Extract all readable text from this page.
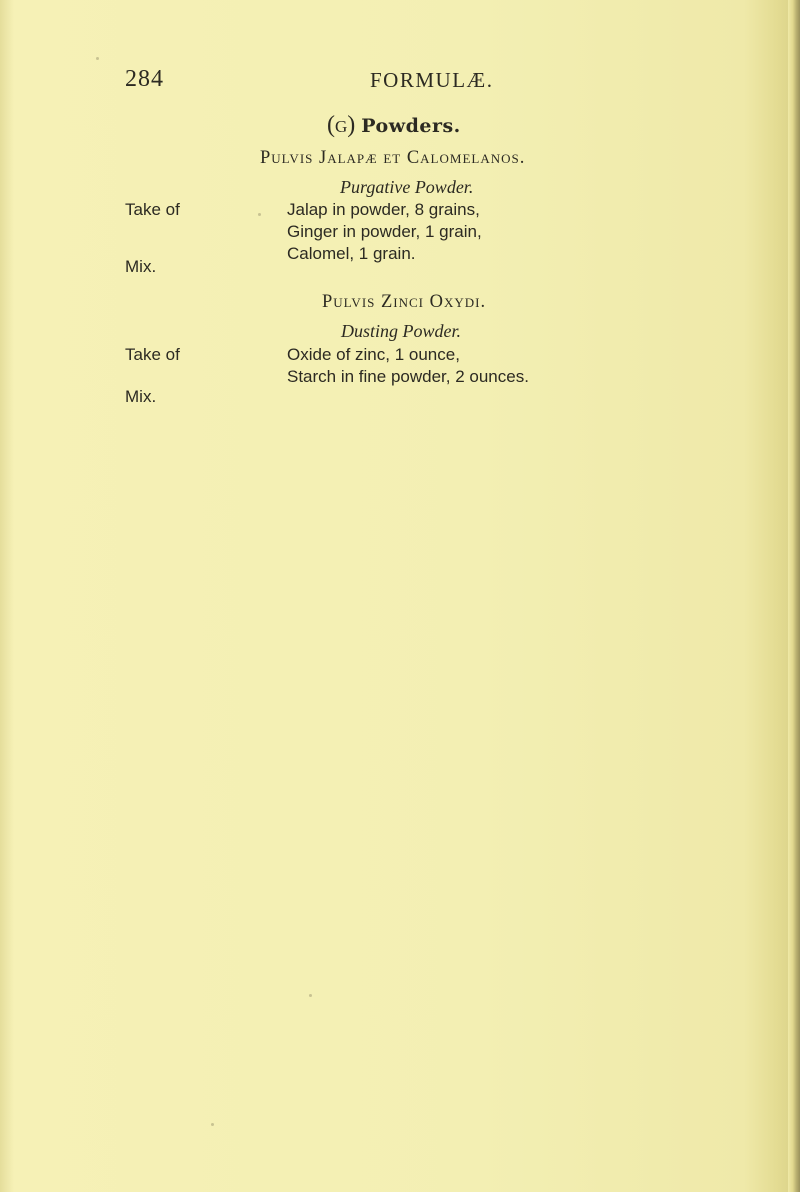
284	FORMULÆ.
(g) Powders.
Pulvis Jalapæ et Calomelanos.
Purgative Powder.
Take of	Jalap in powder, 8 grains,
Ginger in powder, 1 grain,
Calomel, 1 grain.
Mix.
Pulvis Zinci Oxydi.
Dusting Powder.
Take of	Oxide of zinc, 1 ounce,
Starch in fine powder, 2 ounces.
Mix.
